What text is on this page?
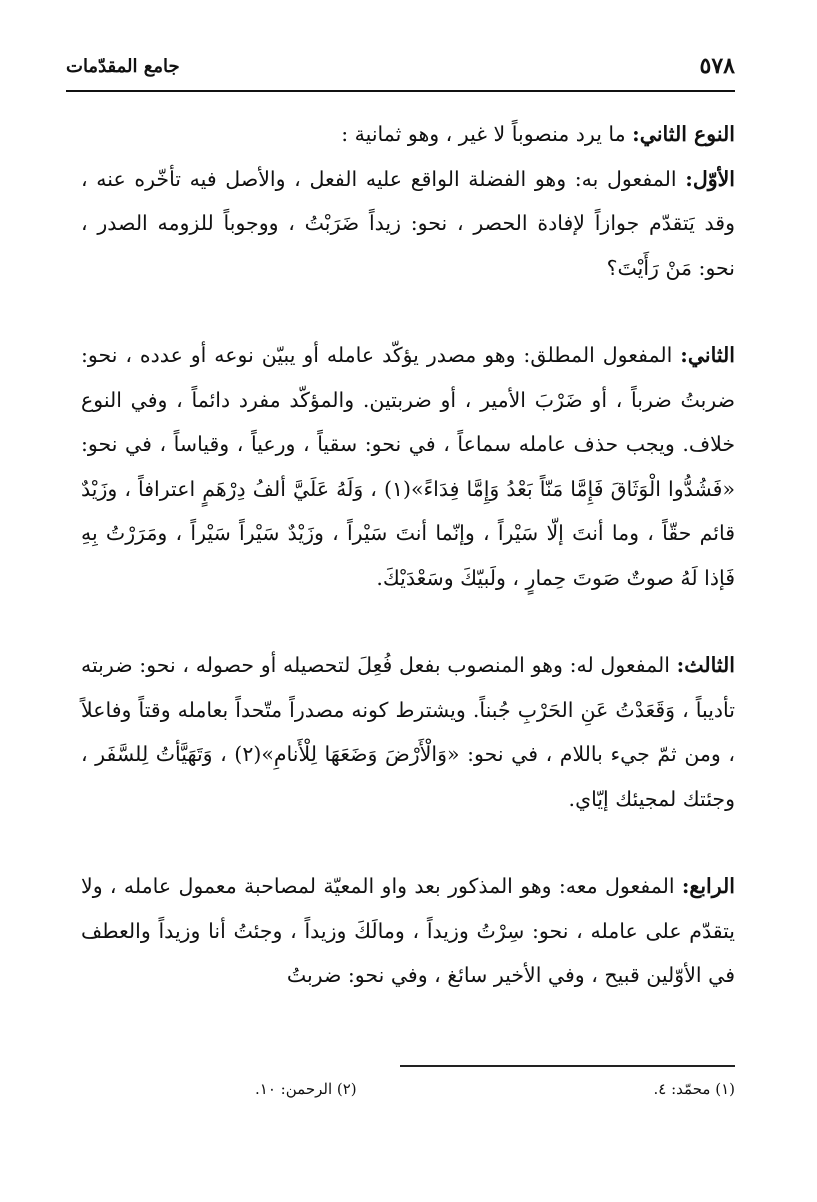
٥٧٨
جامع المقدّمات

النوع الثاني: ما يرد منصوباً لا غير ، وهو ثمانية :

الأوّل: المفعول به: وهو الفضلة الواقع عليه الفعل ، والأصل فيه تأخّره عنه ، وقد يَتقدّم جوازاً لإفادة الحصر ، نحو: زيداً ضَرَبْتُ ، ووجوباً للزومه الصدر ، نحو: مَنْ رَأَيْتَ؟

الثاني: المفعول المطلق: وهو مصدر يؤكّد عامله أو يبيّن نوعه أو عدده ، نحو: ضربتُ ضرباً ، أو ضَرْبَ الأمير ، أو ضربتين. والمؤكّد مفرد دائماً ، وفي النوع خلاف. ويجب حذف عامله سماعاً ، في نحو: سقياً ، ورعياً ، وقياساً ، في نحو: «فَشُدُّوا الْوَثَاقَ فَإِمَّا مَنّاً بَعْدُ وَإِمَّا فِدَاءً»(١) ، وَلَهُ عَلَيَّ ألفُ دِرْهَمٍ اعترافاً ، وزَيْدٌ قائم حقّاً ، وما أنتَ إلّا سَيْراً ، وإنّما أنتَ سَيْراً ، وزَيْدٌ سَيْراً سَيْراً ، ومَرَرْتُ بِهِ فَإذا لَهُ صوتٌ صَوتَ حِمارٍ ، ولَبيّكَ وسَعْدَيْكَ.

الثالث: المفعول له: وهو المنصوب بفعل فُعِلَ لتحصيله أو حصوله ، نحو: ضربته تأديباً ، وَقَعَدْتُ عَنِ الحَرْبِ جُبناً. ويشترط كونه مصدراً متّحداً بعامله وقتاً وفاعلاً ، ومن ثمّ جيء باللام ، في نحو: «وَالْأَرْضَ وَضَعَهَا لِلْأَنامِ»(٢) ، وَتَهَيَّأتُ لِلسَّفَر ، وجئتك لمجيئك إيّاي.

الرابع: المفعول معه: وهو المذكور بعد واو المعيّة لمصاحبة معمول عامله ، ولا يتقدّم على عامله ، نحو: سِرْتُ وزيداً ، ومالَكَ وزيداً ، وجئتُ أنا وزيداً والعطف في الأوّلين قبيح ، وفي الأخير سائغ ، وفي نحو: ضربتُ

(١) محمّد: ٤.
(٢) الرحمن: ١٠.
